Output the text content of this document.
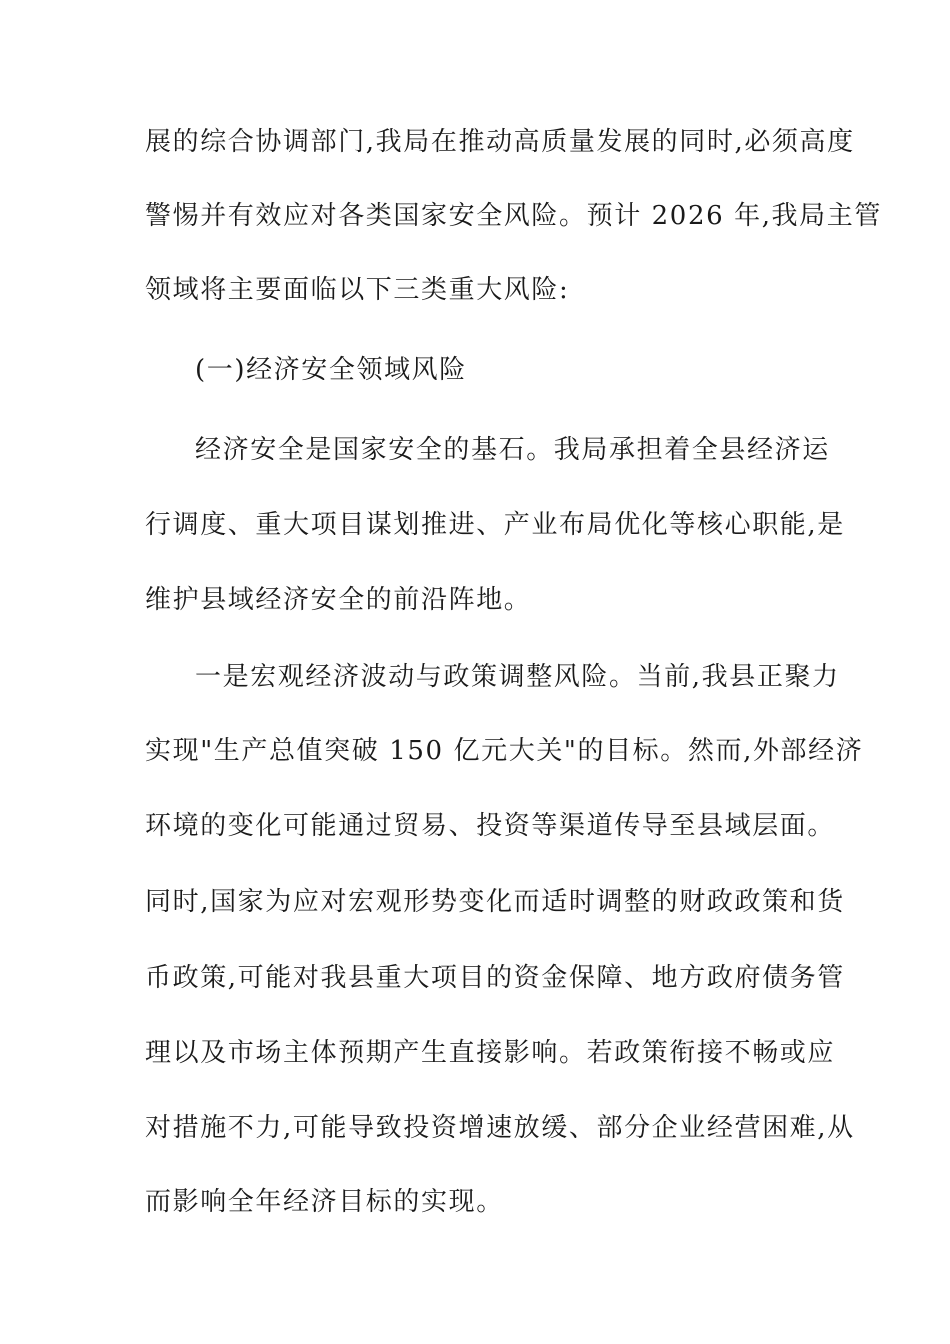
展的综合协调部门,我局在推动高质量发展的同时,必须高度
警惕并有效应对各类国家安全风险。预计 2026 年,我局主管
领域将主要面临以下三类重大风险:
(一)经济安全领域风险
经济安全是国家安全的基石。我局承担着全县经济运
行调度、重大项目谋划推进、产业布局优化等核心职能,是
维护县域经济安全的前沿阵地。
一是宏观经济波动与政策调整风险。当前,我县正聚力
实现"生产总值突破 150 亿元大关"的目标。然而,外部经济
环境的变化可能通过贸易、投资等渠道传导至县域层面。
同时,国家为应对宏观形势变化而适时调整的财政政策和货
币政策,可能对我县重大项目的资金保障、地方政府债务管
理以及市场主体预期产生直接影响。若政策衔接不畅或应
对措施不力,可能导致投资增速放缓、部分企业经营困难,从
而影响全年经济目标的实现。
